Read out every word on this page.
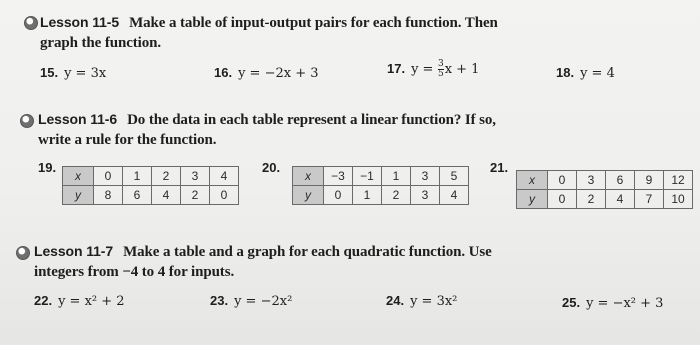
Lesson 11-5 Make a table of input-output pairs for each function. Then
graph the function.
15. y = 3x	16. y = −2x + 3	17. $y = \frac{3}{5}$ x + 1	18. y = 4
Lesson 11-6 Do the data in each table represent a linear function? If so,
write a rule for the function.
19.
x	0	1	2	3	4
y	8	6	4	2	0
20.
x	−3	−1	1	3	5
y	0	1	2	3	4
21.
x	0	3	6	9	12
y	0	2	4	7	10
Lesson 11-7 Make a table and a graph for each quadratic function. Use
integers from −4 to 4 for inputs.
22. y = x² + 2	23. y = −2x²	24. y = 3x²	25. y = −x² + 3
